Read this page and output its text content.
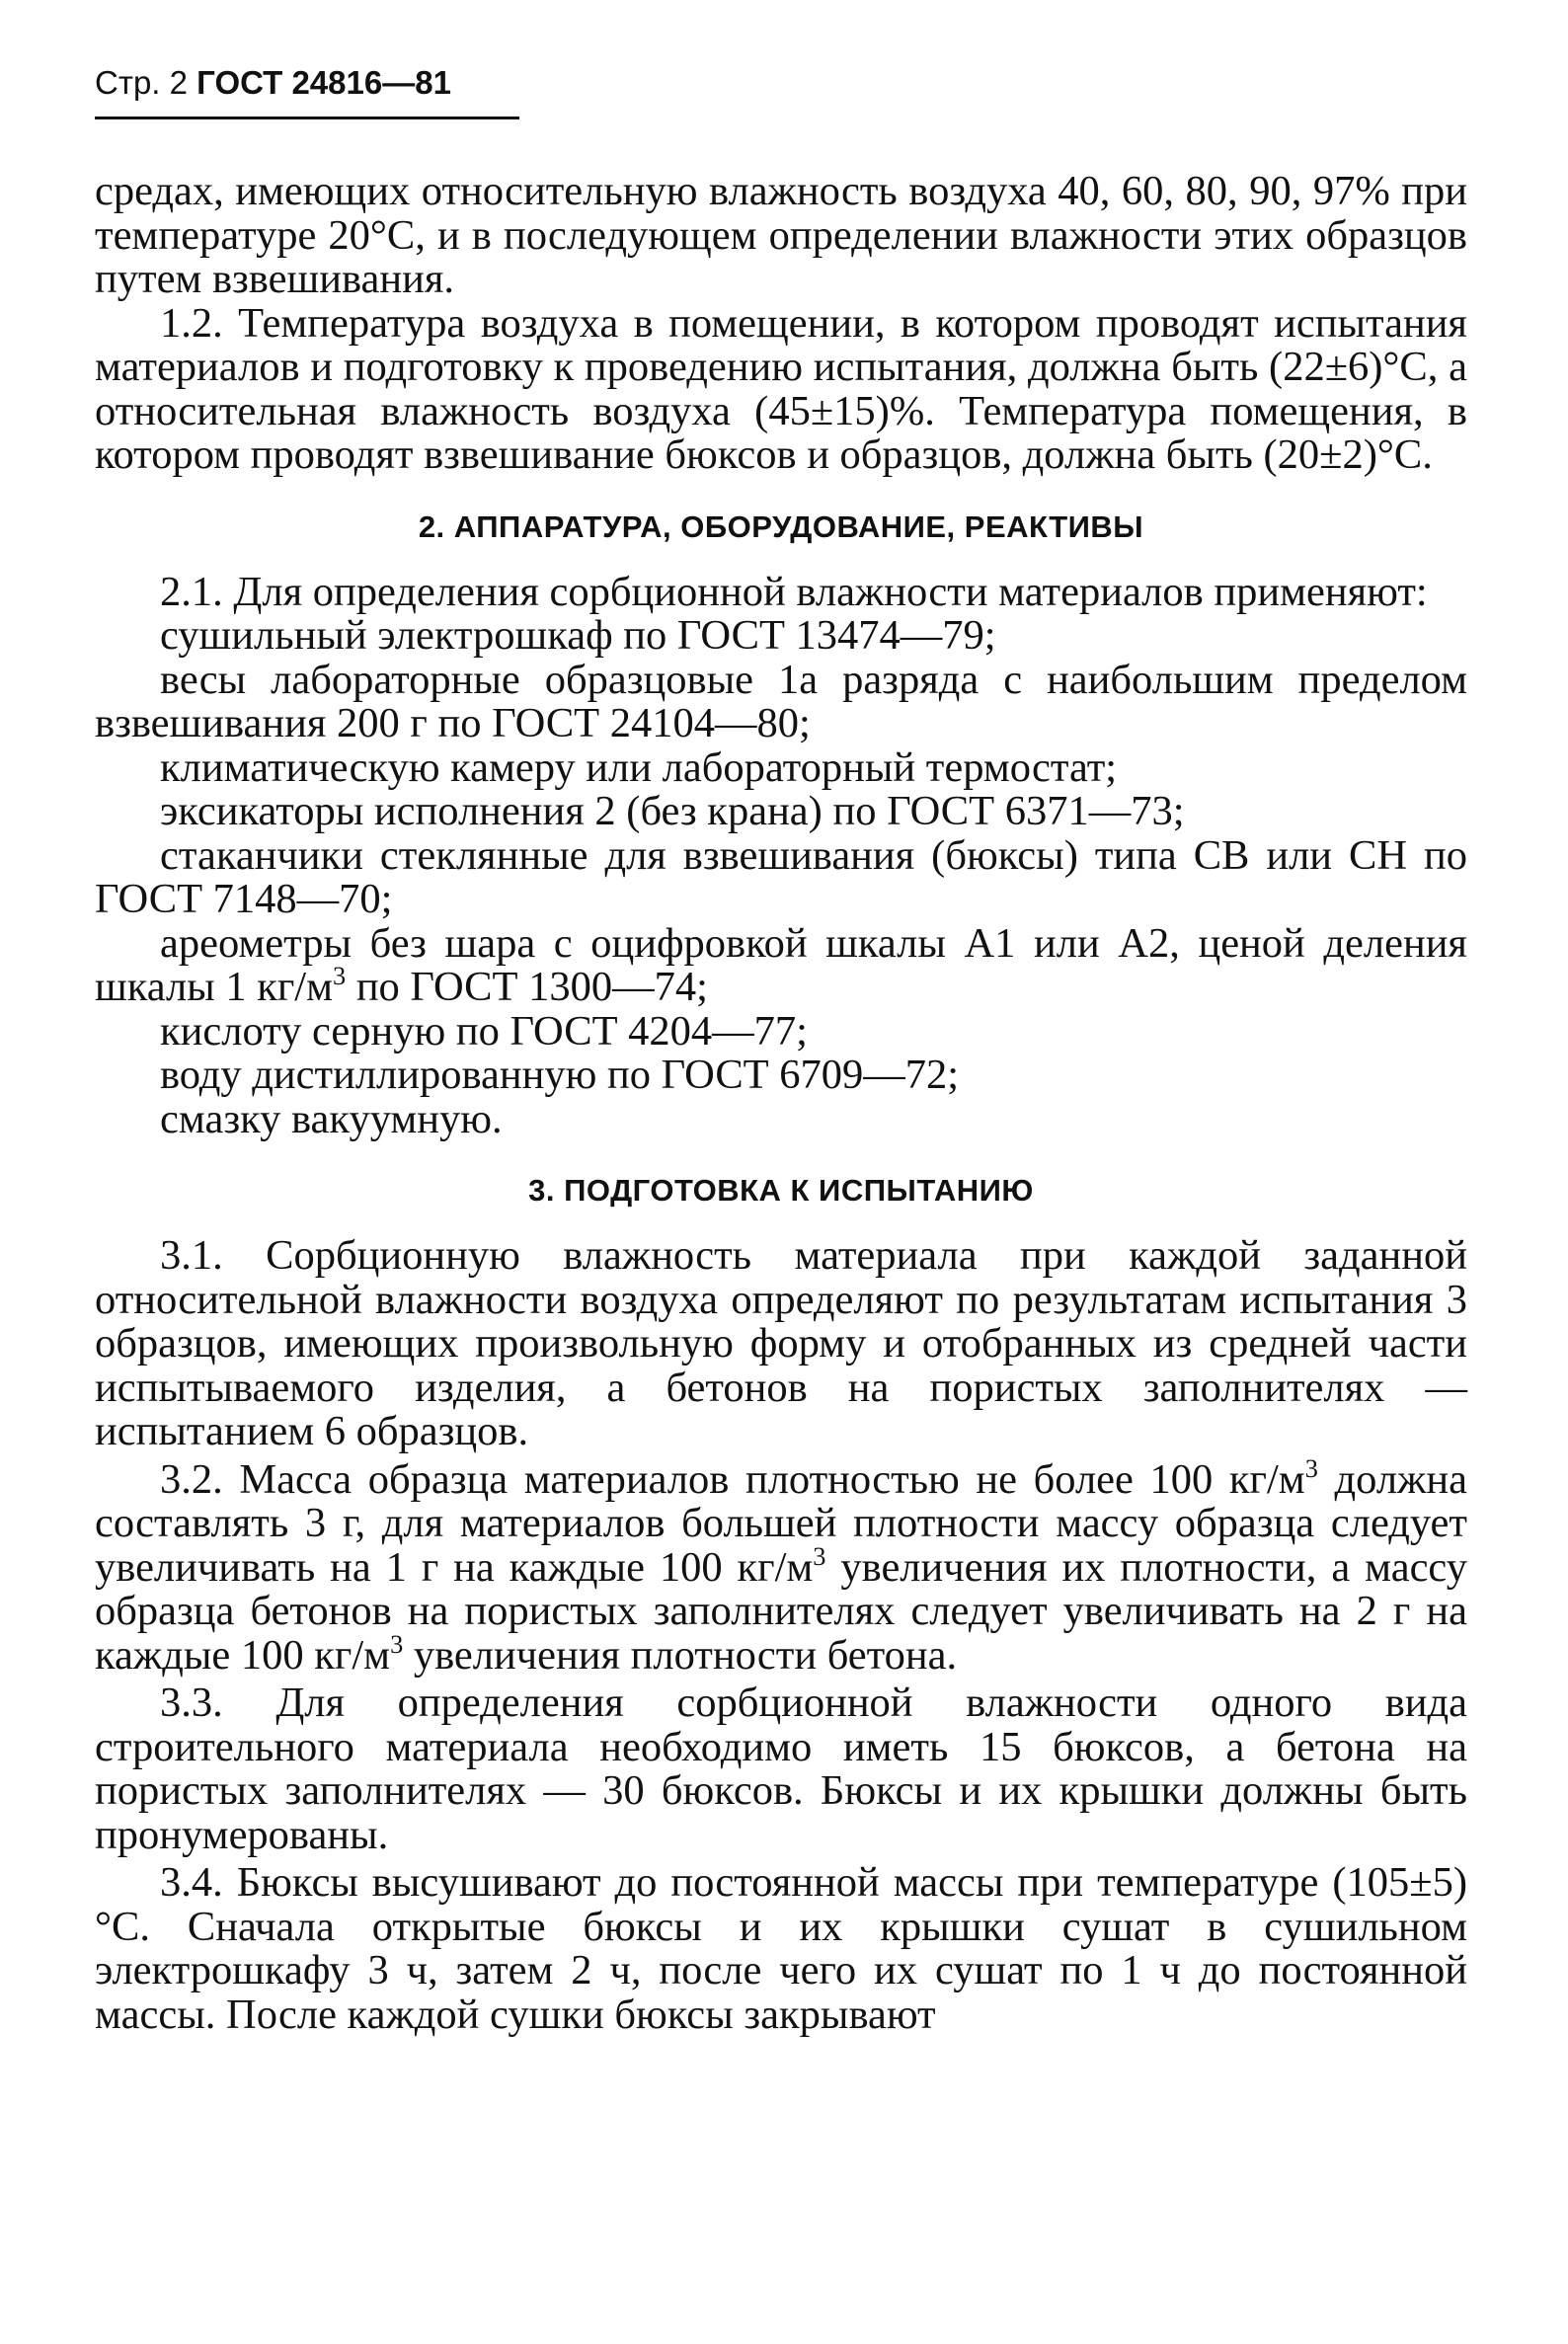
Стр. 2 ГОСТ 24816—81

средах, имеющих относительную влажность воздуха 40, 60, 80, 90, 97% при температуре 20°С, и в последующем определении влажности этих образцов путем взвешивания.

1.2. Температура воздуха в помещении, в котором проводят испытания материалов и подготовку к проведению испытания, должна быть (22±6)°С, а относительная влажность воздуха (45±15)%. Температура помещения, в котором проводят взвешивание бюксов и образцов, должна быть (20±2)°С.

2. АППАРАТУРА, ОБОРУДОВАНИЕ, РЕАКТИВЫ

2.1. Для определения сорбционной влажности материалов применяют:

сушильный электрошкаф по ГОСТ 13474—79;

весы лабораторные образцовые 1а разряда с наибольшим пределом взвешивания 200 г по ГОСТ 24104—80;

климатическую камеру или лабораторный термостат;

эксикаторы исполнения 2 (без крана) по ГОСТ 6371—73;

стаканчики стеклянные для взвешивания (бюксы) типа СВ или СН по ГОСТ 7148—70;

ареометры без шара с оцифровкой шкалы А1 или А2, ценой деления шкалы 1 $кг/м^3$ по ГОСТ 1300—74;

кислоту серную по ГОСТ 4204—77;

воду дистиллированную по ГОСТ 6709—72;

смазку вакуумную.

3. ПОДГОТОВКА К ИСПЫТАНИЮ

3.1. Сорбционную влажность материала при каждой заданной относительной влажности воздуха определяют по результатам испытания 3 образцов, имеющих произвольную форму и отобранных из средней части испытываемого изделия, а бетонов на пористых заполнителях — испытанием 6 образцов.

3.2. Масса образца материалов плотностью не более 100 $кг/м^3$ должна составлять 3 г, для материалов большей плотности массу образца следует увеличивать на 1 г на каждые 100 $кг/м^3$ увеличения их плотности, а массу образца бетонов на пористых заполнителях следует увеличивать на 2 г на каждые 100 $кг/м^3$ увеличения плотности бетона.

3.3. Для определения сорбционной влажности одного вида строительного материала необходимо иметь 15 бюксов, а бетона на пористых заполнителях — 30 бюксов. Бюксы и их крышки должны быть пронумерованы.

3.4. Бюксы высушивают до постоянной массы при температуре (105±5)°С. Сначала открытые бюксы и их крышки сушат в сушильном электрошкафу 3 ч, затем 2 ч, после чего их сушат по 1 ч до постоянной массы. После каждой сушки бюксы закрывают
